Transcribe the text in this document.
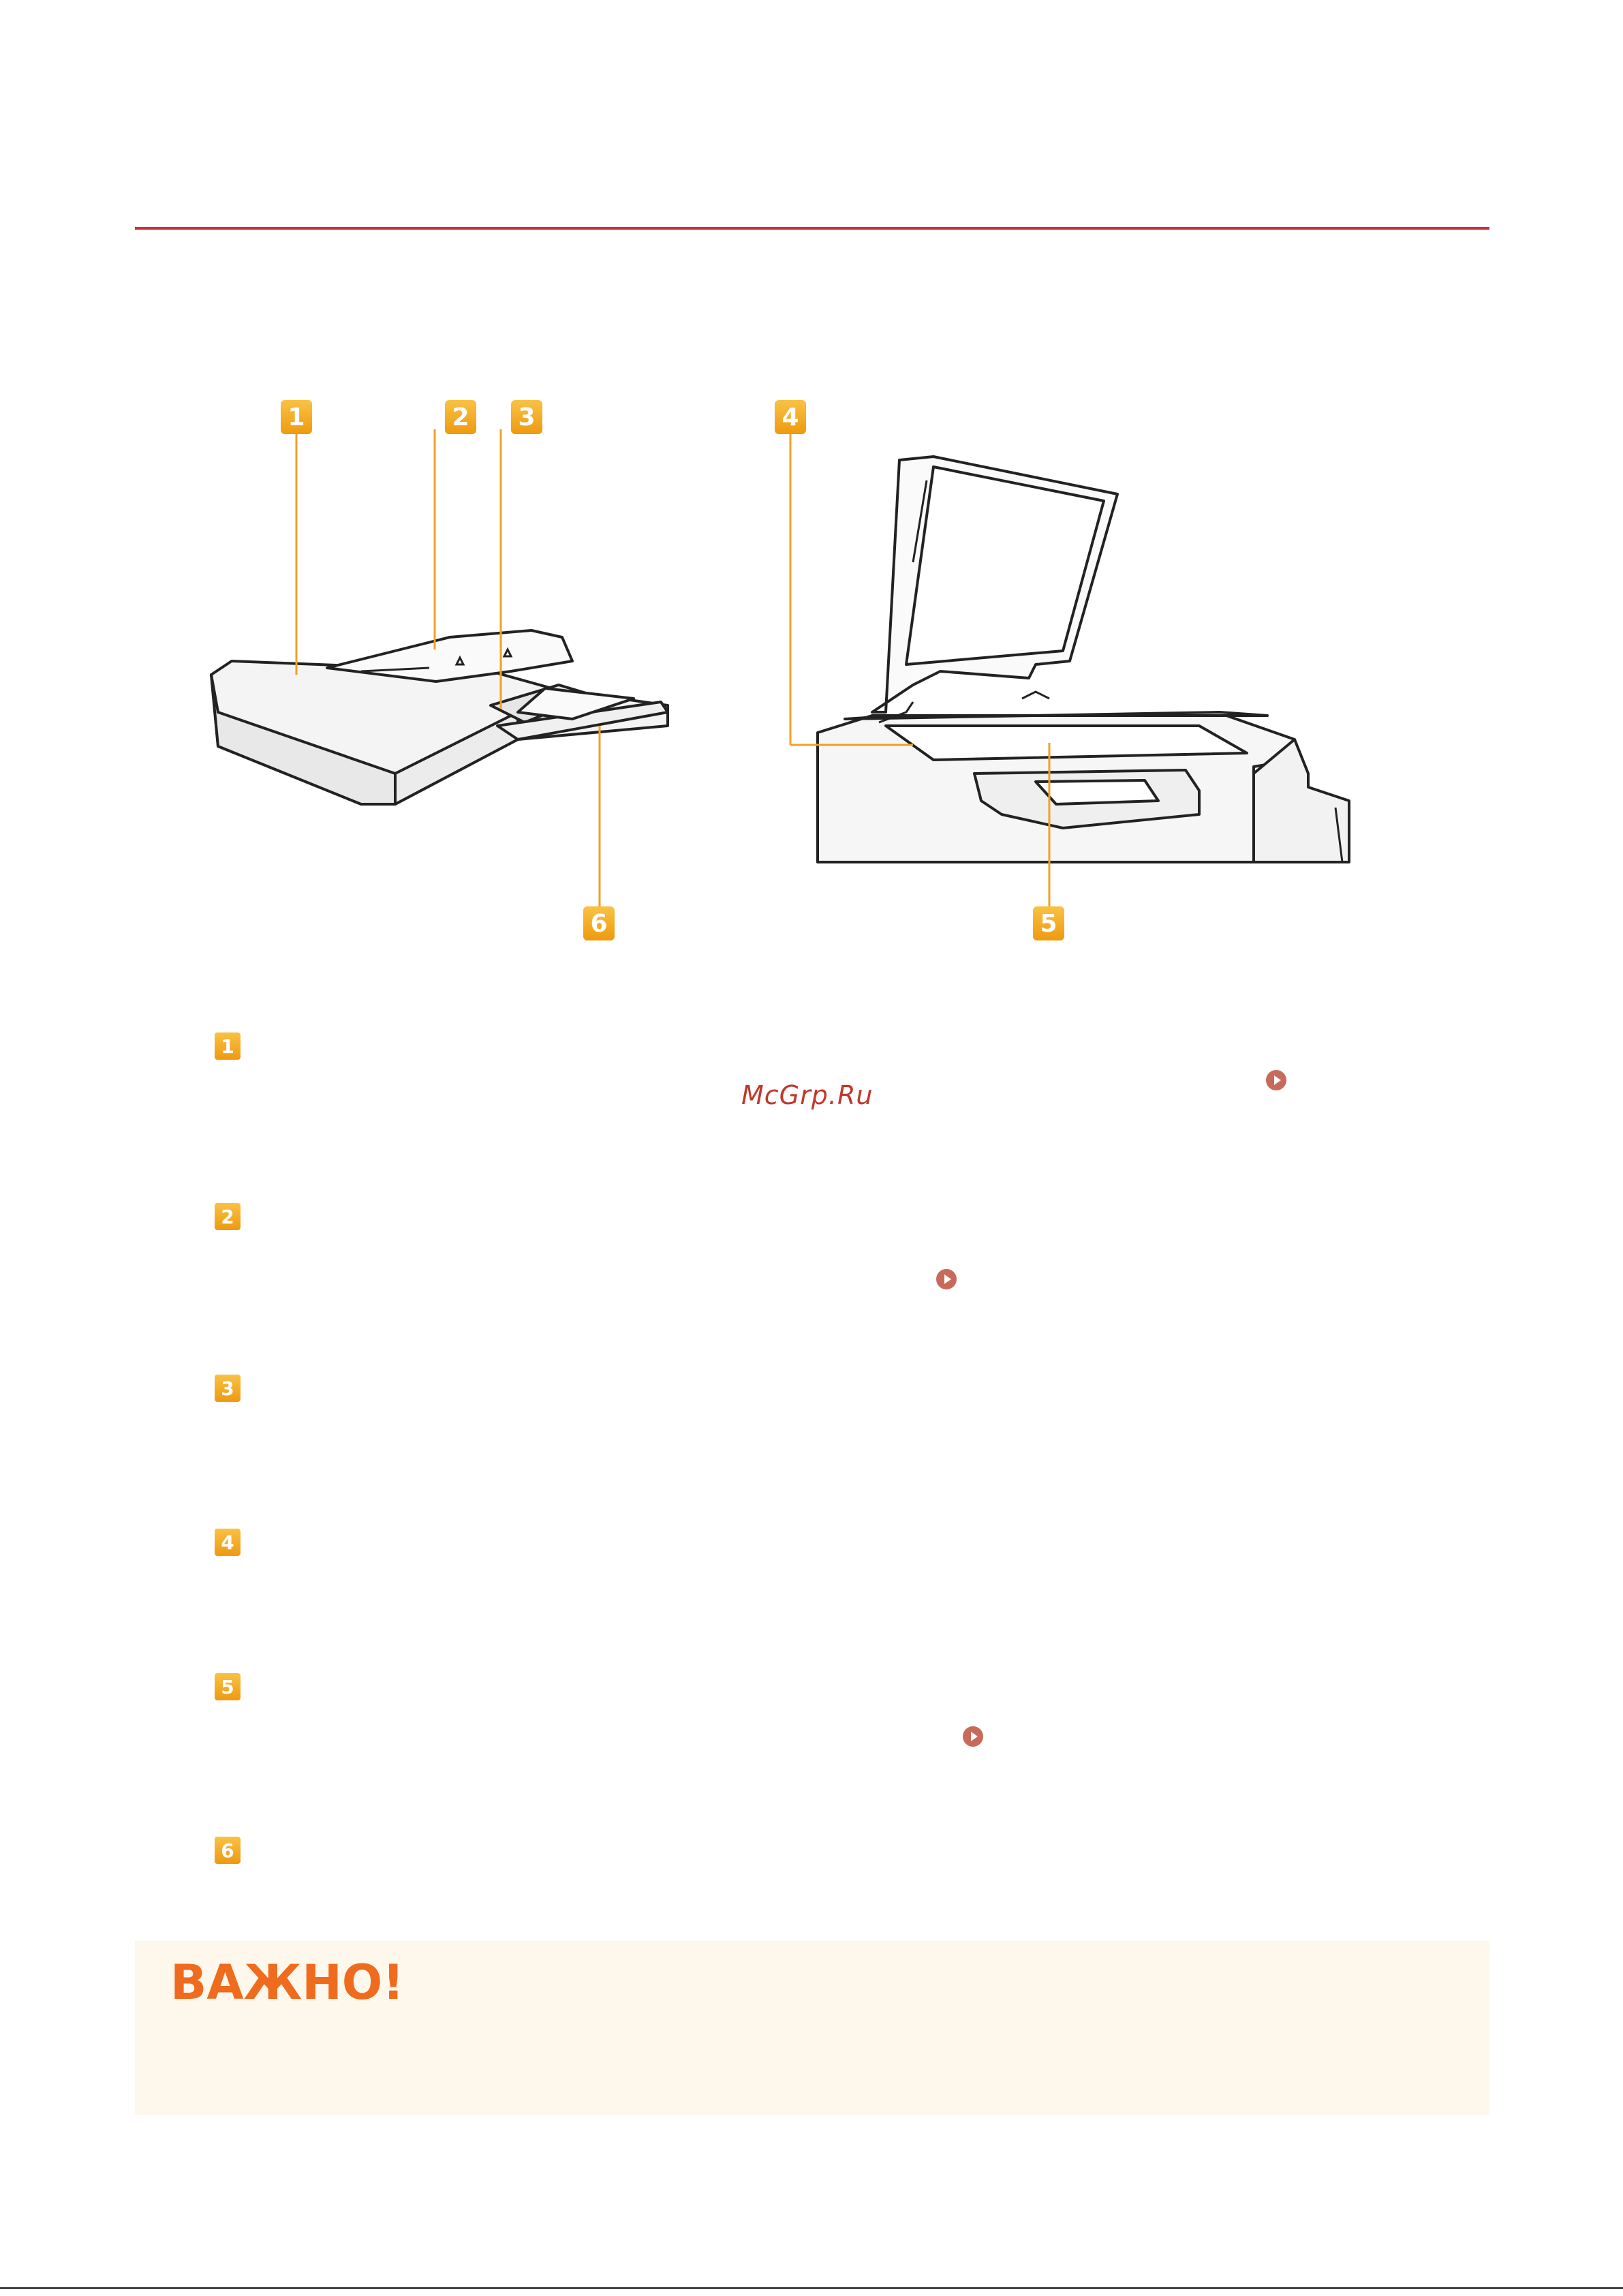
1	2 3	4
5
6
1
McGrp.Ru
2
3
4
5
6
ВАЖНО!
